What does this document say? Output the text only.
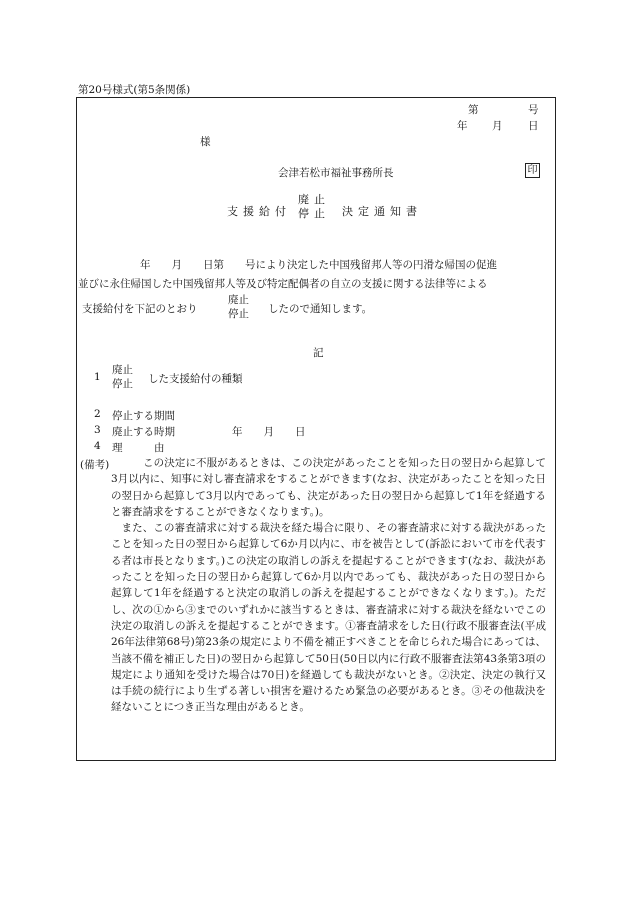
第20号様式(第5条関係)
第	号
年 月 日
様
会津若松市福祉事務所長	印
支援給付
廃止
停止 決定通知書
年　　月　　日第　　号により決定した中国残留邦人等の円滑な帰国の促進
並びに永住帰国した中国残留邦人等及び特定配偶者の自立の支援に関する法律等による
支援給付を下記のとおり
廃止
停止 したので通知します。
記
1
廃止
停止 した支援給付の種類
2 停止する期間
3 廃止する時期	年　　月　　日
4 理　　　由
(備考)	この決定に不服があるときは、この決定があったことを知った日の翌日から起算して3月以内に、知事に対し審査請求をすることができます(なお、決定があったことを知った日の翌日から起算して3月以内であっても、決定があった日の翌日から起算して1年を経過すると審査請求をすることができなくなります。)。

また、この審査請求に対する裁決を経た場合に限り、その審査請求に対する裁決があったことを知った日の翌日から起算して6か月以内に、市を被告として(訴訟において市を代表する者は市長となります。)この決定の取消しの訴えを提起することができます(なお、裁決があったことを知った日の翌日から起算して6か月以内であっても、裁決があった日の翌日から起算して1年を経過すると決定の取消しの訴えを提起することができなくなります。)。ただし、次の①から③までのいずれかに該当するときは、審査請求に対する裁決を経ないでこの決定の取消しの訴えを提起することができます。①審査請求をした日(行政不服審査法(平成26年法律第68号)第23条の規定により不備を補正すべきことを命じられた場合にあっては、当該不備を補正した日)の翌日から起算して50日(50日以内に行政不服審査法第43条第3項の規定により通知を受けた場合は70日)を経過しても裁決がないとき。②決定、決定の執行又は手続の続行により生ずる著しい損害を避けるため緊急の必要があるとき。③その他裁決を経ないことにつき正当な理由があるとき。
